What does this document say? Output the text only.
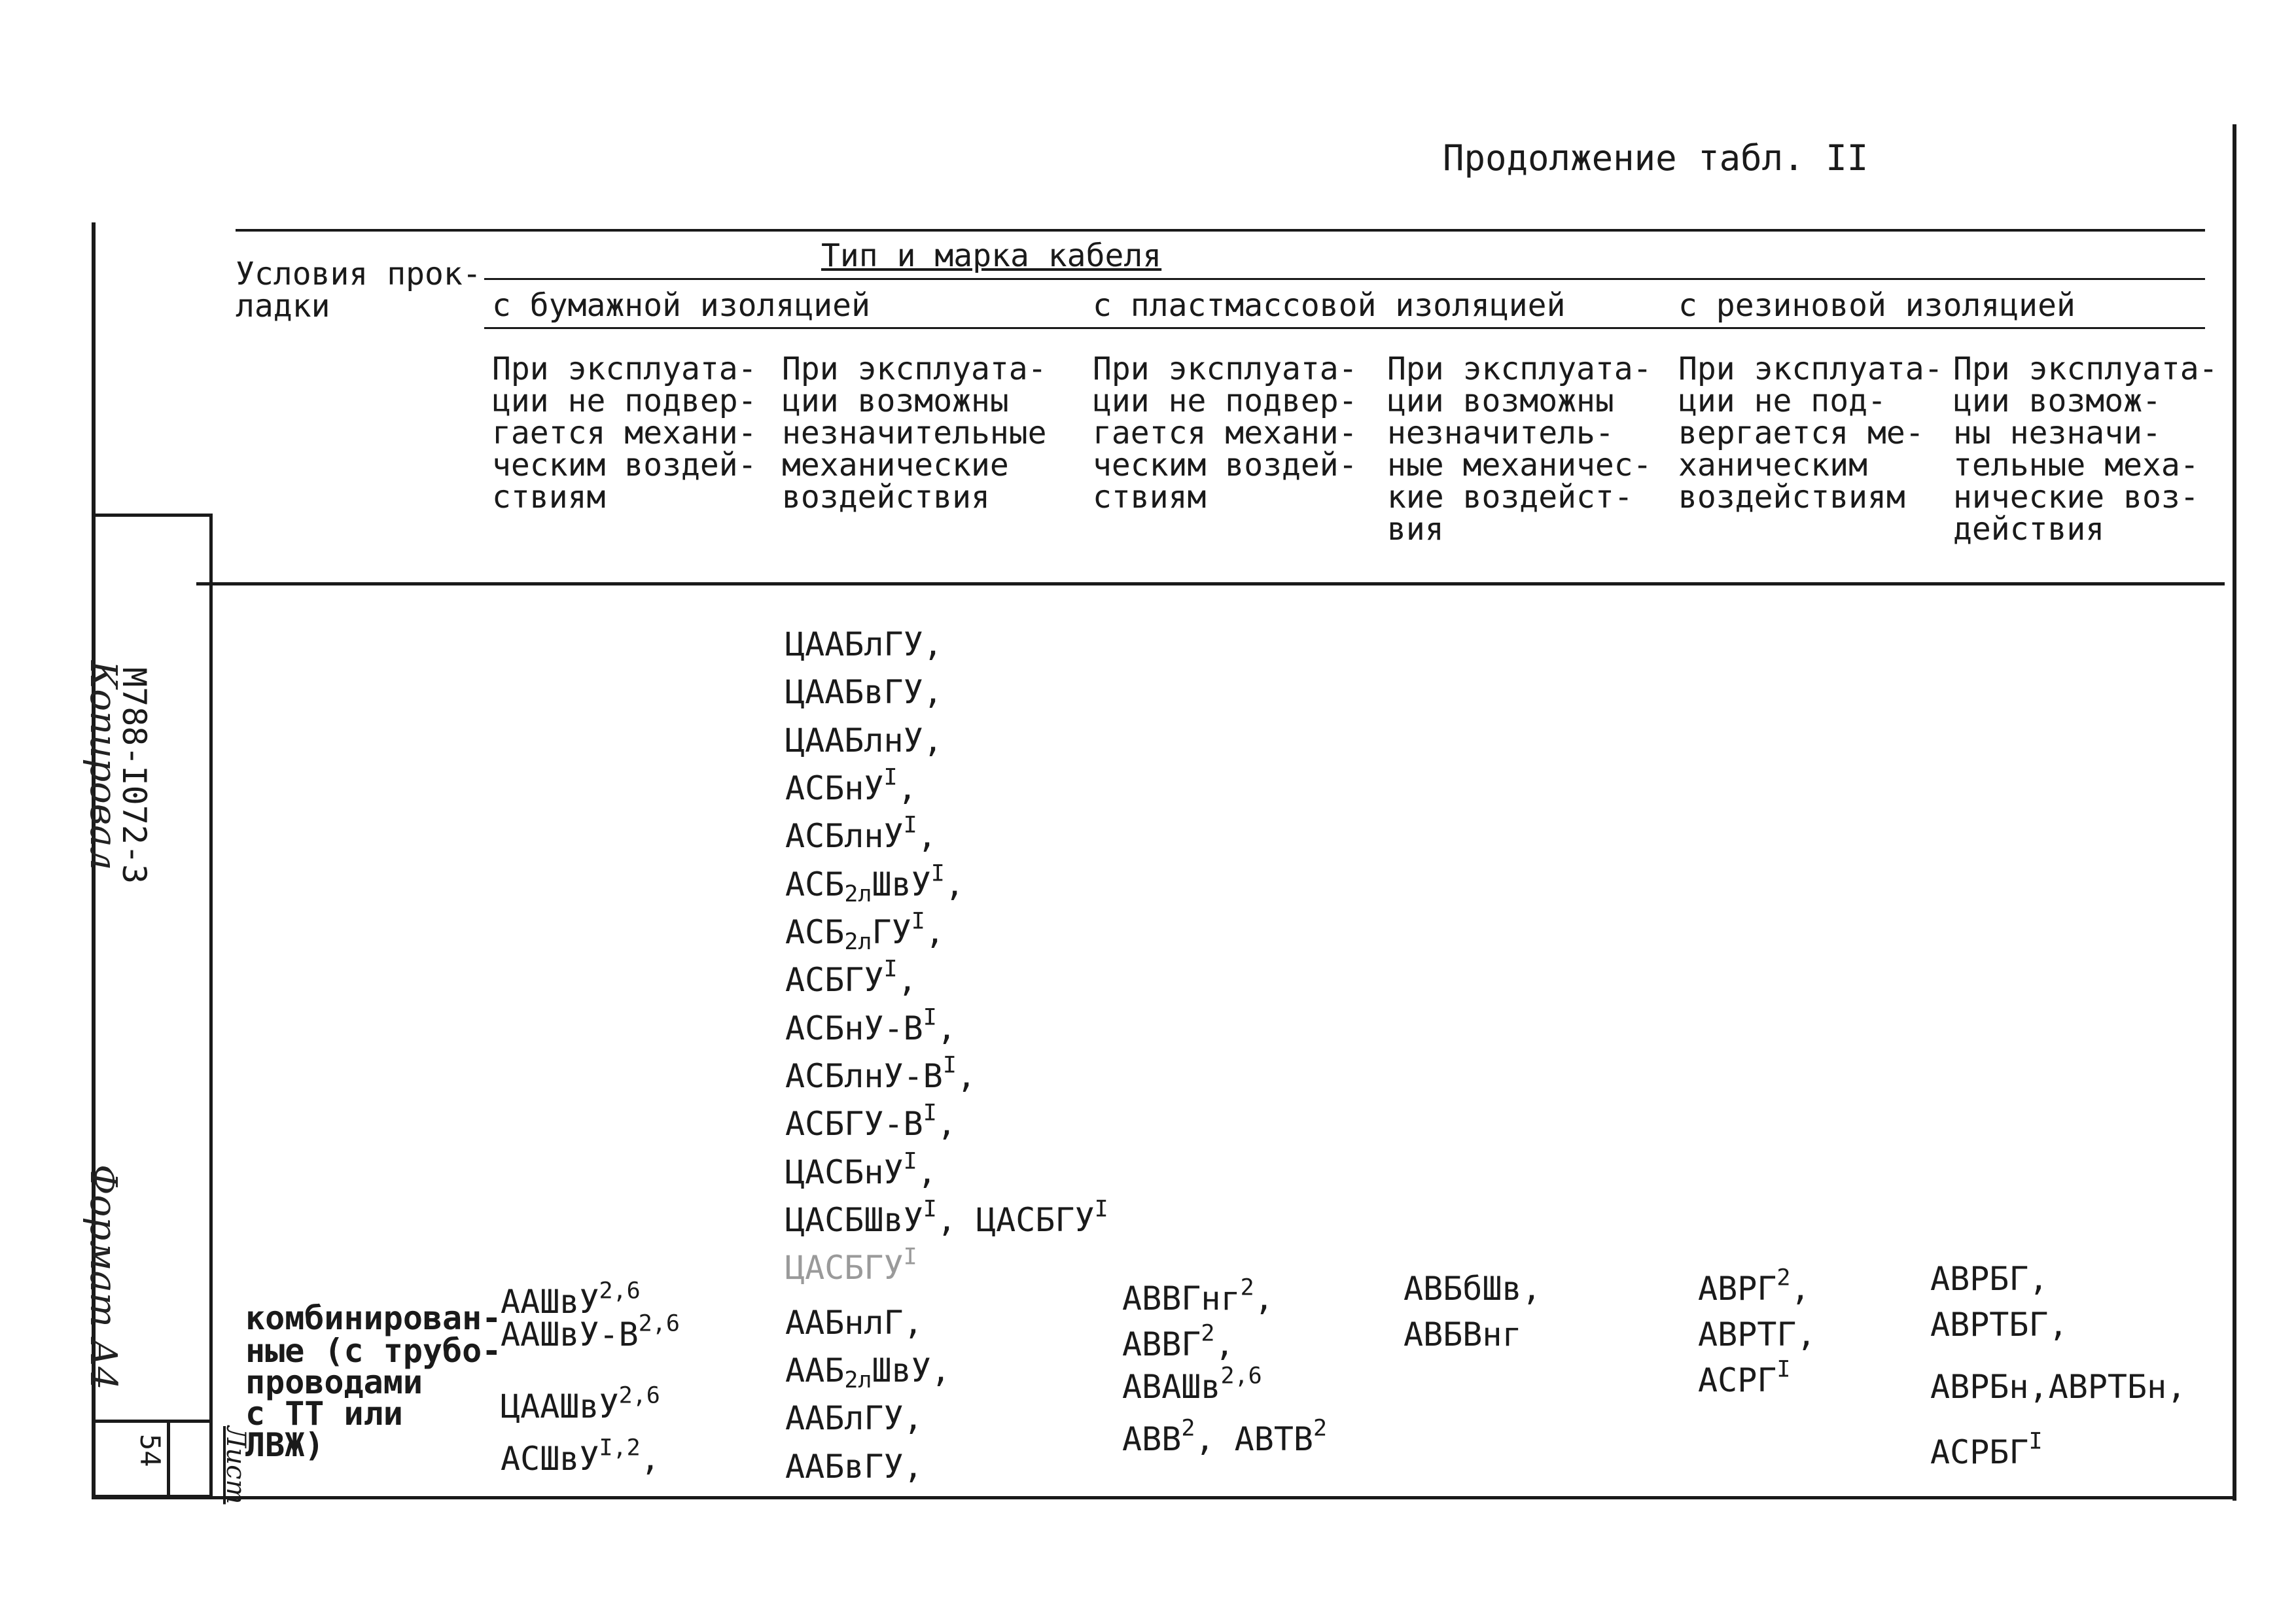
Продолжение табл. II
Условия прок-
ладки
Тип и марка кабеля
с бумажной изоляцией	с пластмассовой изоляцией	с резиновой изоляцией
При эксплуата-
ции не подвер-
гается механи-
ческим воздей-
ствиям
При эксплуата-
ции возможны
незначительные
механические
воздействия
При эксплуата-
ции не подвер-
гается механи-
ческим воздей-
ствиям
При эксплуата-
ции возможны
незначитель-
ные механичес-
кие воздейст-
вия
При эксплуата-
ции не под-
вергается ме-
ханическим
воздействиям
При эксплуата-
ции возмож-
ны незначи-
тельные меха-
нические воз-
действия
ЦААБлГУ,
ЦААБвГУ,
ЦААБлнУ,
АСБнУ$^I$,
АСБлнУ$^I$,
$АСБ_{2л}ШвУ^I$,
$АСБ_{2л}ГУ^I$,
$АСБГУ^I$,
АСБнУ-$В^I$,
АСБлнУ-$В^I$,
АСБГУ-$В^I$,
ЦАСБнУ$^I$,
ЦАСБШвУ$^I$, $ЦАСБГУ^I$
$ЦАСБГУ^I$
ААБнлГ,
$ААБ_{2л}ШвУ$,
ААБлГУ,
ААБвГУ,
комбинирован-
ные (с трубо-
проводами
с ТТ или
ЛВЖ)
ААШвУ$^{2,6}$
ААШвУ-$В^{2,6}$
ЦААШвУ$^{2,6}$
АСШвУ$^{I,2}$,
АВВГнг$^2$,
АВВГ$^2$,
АВАШв$^{2,6}$
АВВ$^2$, АВТВ$^2$
АВБбШв,
АВБВнг
АВРГ$^2$,
АВРТГ,
$АСРГ^I$
АВРБГ,
АВРТБГ,
АВРБн,АВРТБн,
$АСРБГ^I$
М788-I072-3
54 Лист
Копировал
Формат А4
